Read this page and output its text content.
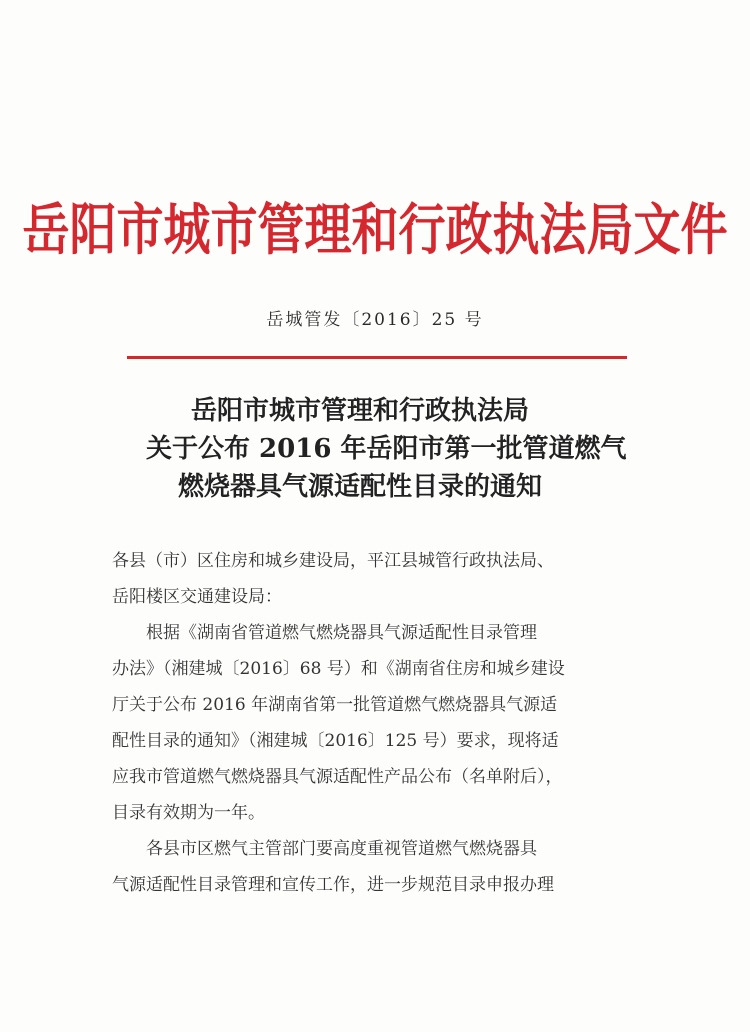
岳阳市城市管理和行政执法局文件
岳城管发〔2016〕25 号
岳阳市城市管理和行政执法局
关于公布 2016 年岳阳市第一批管道燃气
燃烧器具气源适配性目录的通知
各县（市）区住房和城乡建设局，平江县城管行政执法局、
岳阳楼区交通建设局：
根据《湖南省管道燃气燃烧器具气源适配性目录管理
办法》（湘建城〔2016〕68 号）和《湖南省住房和城乡建设
厅关于公布 2016 年湖南省第一批管道燃气燃烧器具气源适
配性目录的通知》（湘建城〔2016〕125 号）要求，现将适
应我市管道燃气燃烧器具气源适配性产品公布（名单附后），
目录有效期为一年。
各县市区燃气主管部门要高度重视管道燃气燃烧器具
气源适配性目录管理和宣传工作，进一步规范目录申报办理
